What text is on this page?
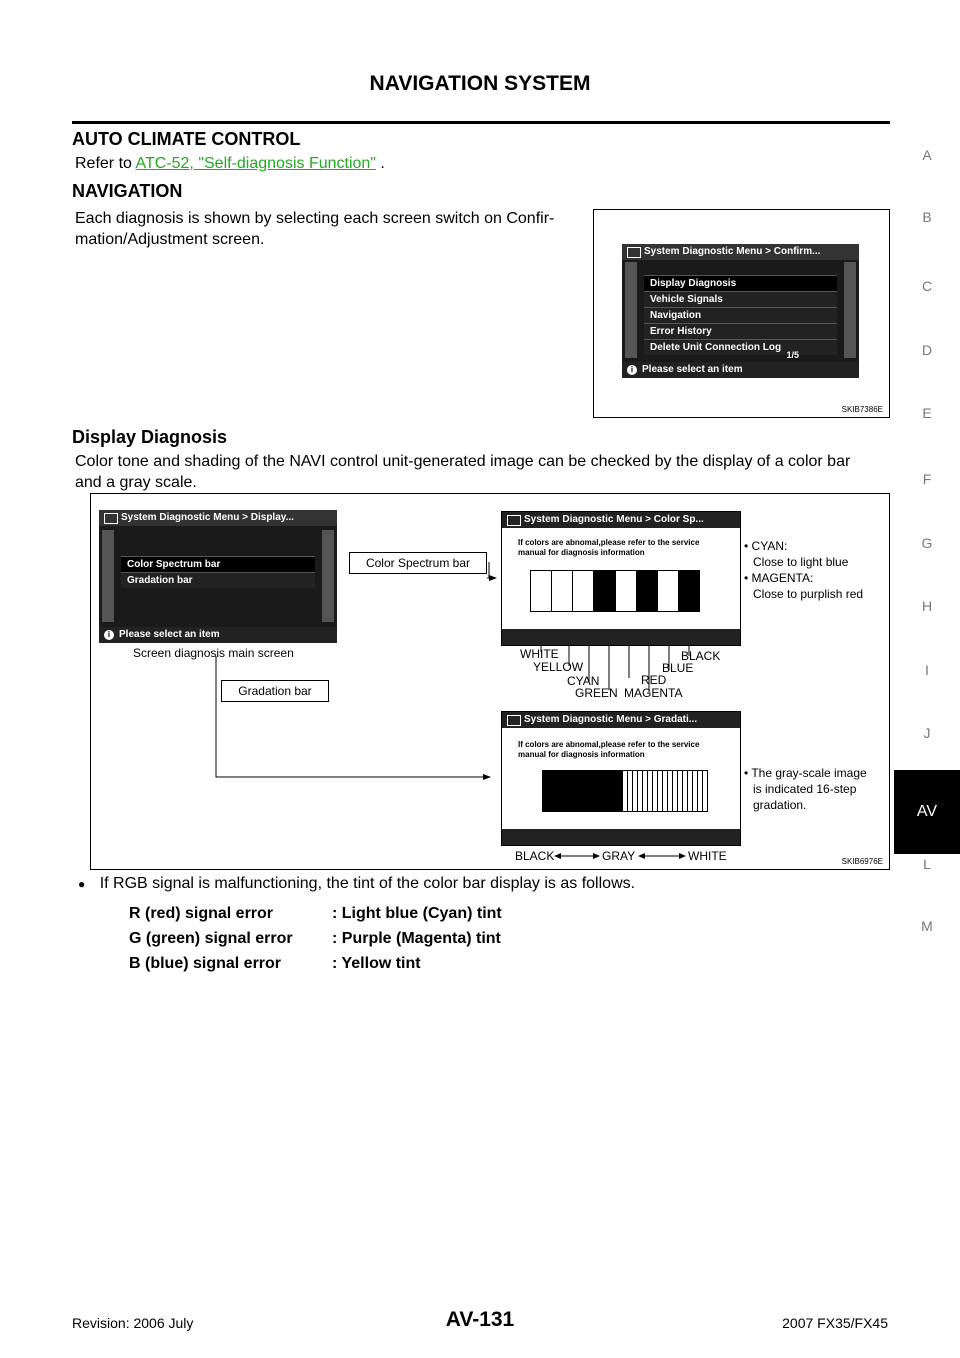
NAVIGATION SYSTEM
A
B
C
D
E
F
G
H
I
J
AV
L
M
AUTO CLIMATE CONTROL
Refer to ATC-52, "Self-diagnosis Function" .
NAVIGATION
Each diagnosis is shown by selecting each screen switch on Confir-
mation/Adjustment screen.
System Diagnostic Menu > Confirm...
Display Diagnosis
Vehicle Signals
Navigation
Error History
Delete Unit Connection Log
1/5
i Please select an item
SKIB7386E
Display Diagnosis
Color tone and shading of the NAVI control unit-generated image can be checked by the display of a color bar
and a gray scale.
System Diagnostic Menu > Display...
Color Spectrum bar
Gradation bar
i Please select an item
Screen diagnosis main screen
Color Spectrum bar
Gradation bar
System Diagnostic Menu > Color Sp...
If colors are abnomal,please refer to the service
manual for diagnosis information
WHITE
YELLOW
CYAN
GREEN
RED
MAGENTA
BLUE
BLACK
• CYAN:
Close to light blue
• MAGENTA:
Close to purplish red
System Diagnostic Menu > Gradati...
If colors are abnomal,please refer to the service
manual for diagnosis information
• The gray-scale image
is indicated 16-step
gradation.
BLACK	GRAY	WHITE	SKIB6976E
● If RGB signal is malfunctioning, the tint of the color bar display is as follows.
R (red) signal error	: Light blue (Cyan) tint
G (green) signal error : Purple (Magenta) tint
B (blue) signal error	: Yellow tint
Revision: 2006 July	AV-131	2007 FX35/FX45
